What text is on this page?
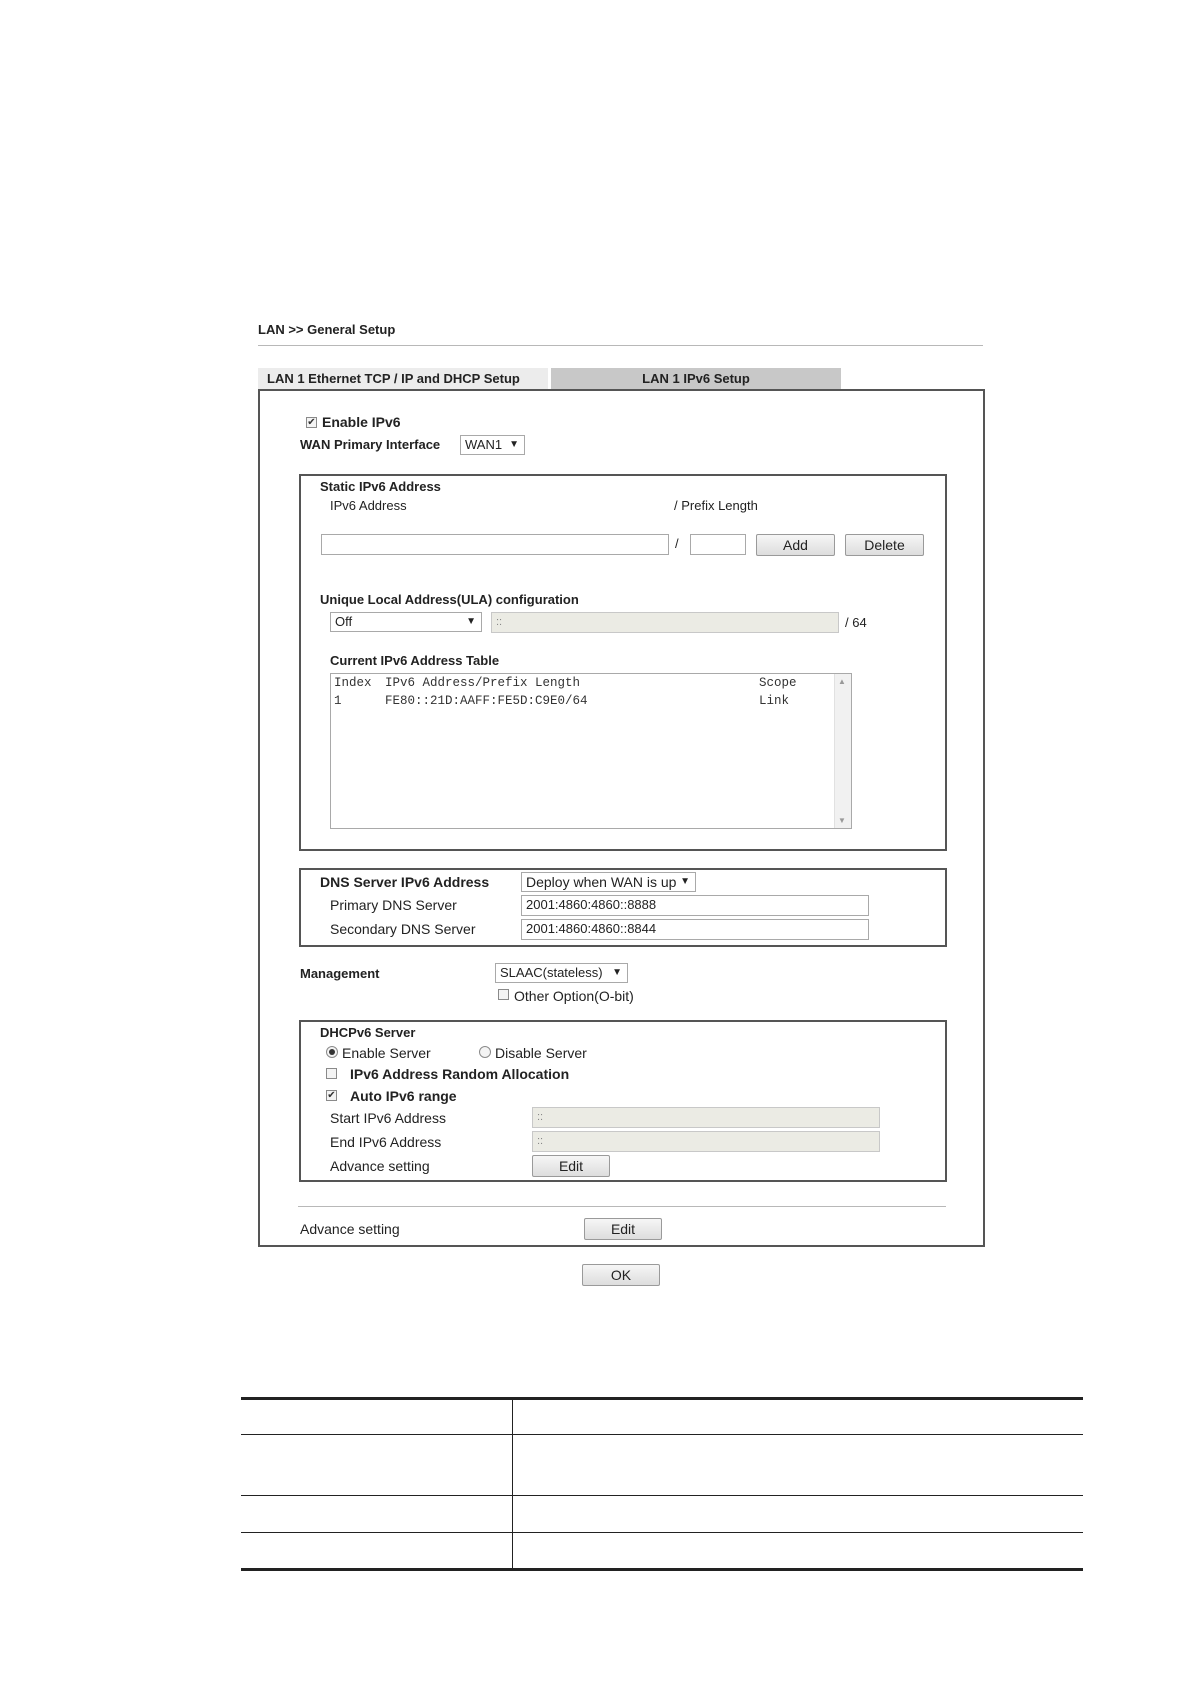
LAN >> General Setup
LAN 1 Ethernet TCP / IP and DHCP Setup	LAN 1 IPv6 Setup
✔ Enable IPv6
WAN Primary Interface	WAN1 ▼
Static IPv6 Address
IPv6 Address	/ Prefix Length
/	Add	Delete
Unique Local Address(ULA) configuration
Off	▼	::	/ 64
Current IPv6 Address Table
Index IPv6 Address/Prefix Length	Scope
1	FE80::21D:AAFF:FE5D:C9E0/64	Link
▲
▼
DNS Server IPv6 Address	Deploy when WAN is up ▼
Primary DNS Server	2001:4860:4860::8888
Secondary DNS Server	2001:4860:4860::8844
Management	SLAAC(stateless) ▼
Other Option(O-bit)
DHCPv6 Server
Enable Server	Disable Server
IPv6 Address Random Allocation
✔ Auto IPv6 range
Start IPv6 Address	::
End IPv6 Address	::
Advance setting	Edit
Advance setting	Edit
OK
